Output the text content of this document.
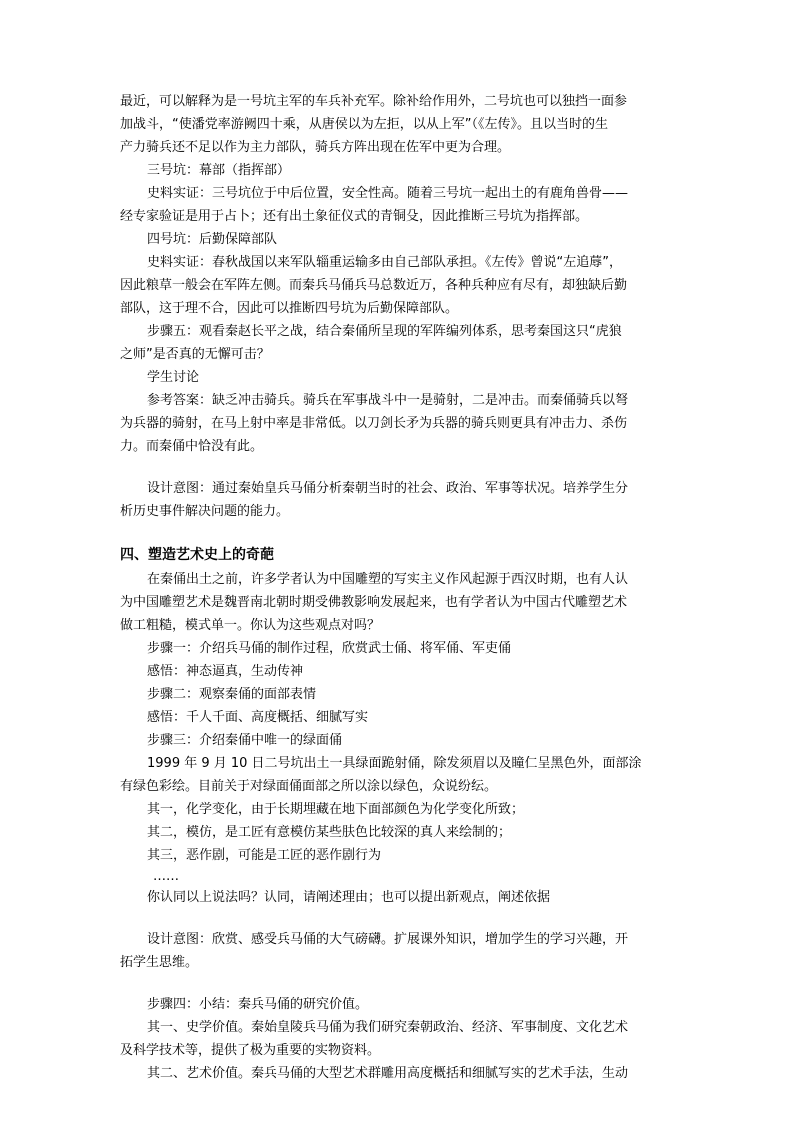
最近，可以解释为是一号坑主军的车兵补充军。除补给作用外，二号坑也可以独挡一面参
加战斗，“使潘党率游阙四十乘，从唐侯以为左拒，以从上军”（《左传》。且以当时的生
产力骑兵还不足以作为主力部队，骑兵方阵出现在佐军中更为合理。
三号坑：幕部（指挥部）
史料实证：三号坑位于中后位置，安全性高。随着三号坑一起出土的有鹿角兽骨——
经专家验证是用于占卜；还有出土象征仪式的青铜殳，因此推断三号坑为指挥部。
四号坑：后勤保障部队
史料实证：春秋战国以来军队辎重运输多由自己部队承担。《左传》曾说“左追蓐”，
因此粮草一般会在军阵左侧。而秦兵马俑兵马总数近万，各种兵种应有尽有，却独缺后勤
部队，这于理不合，因此可以推断四号坑为后勤保障部队。
步骤五：观看秦赵长平之战，结合秦俑所呈现的军阵编列体系，思考秦国这只“虎狼
之师”是否真的无懈可击？
学生讨论
参考答案：缺乏冲击骑兵。骑兵在军事战斗中一是骑射，二是冲击。而秦俑骑兵以弩
为兵器的骑射，在马上射中率是非常低。以刀剑长矛为兵器的骑兵则更具有冲击力、杀伤
力。而秦俑中恰没有此。
设计意图：通过秦始皇兵马俑分析秦朝当时的社会、政治、军事等状况。培养学生分
析历史事件解决问题的能力。
四、塑造艺术史上的奇葩
在秦俑出土之前，许多学者认为中国雕塑的写实主义作风起源于西汉时期，也有人认
为中国雕塑艺术是魏晋南北朝时期受佛教影响发展起来，也有学者认为中国古代雕塑艺术
做工粗糙，模式单一。你认为这些观点对吗？
步骤一：介绍兵马俑的制作过程，欣赏武士俑、将军俑、军吏俑
感悟：神态逼真，生动传神
步骤二：观察秦俑的面部表情
感悟：千人千面、高度概括、细腻写实
步骤三：介绍秦俑中唯一的绿面俑
1999 年 9 月 10 日二号坑出土一具绿面跪射俑，除发须眉以及瞳仁呈黑色外，面部涂
有绿色彩绘。目前关于对绿面俑面部之所以涂以绿色，众说纷纭。
其一，化学变化，由于长期埋藏在地下面部颜色为化学变化所致；
其二，模仿，是工匠有意模仿某些肤色比较深的真人来绘制的；
其三，恶作剧，可能是工匠的恶作剧行为
……
你认同以上说法吗？认同，请阐述理由；也可以提出新观点，阐述依据
设计意图：欣赏、感受兵马俑的大气磅礴。扩展课外知识，增加学生的学习兴趣，开
拓学生思维。
步骤四：小结：秦兵马俑的研究价值。
其一、史学价值。秦始皇陵兵马俑为我们研究秦朝政治、经济、军事制度、文化艺术
及科学技术等，提供了极为重要的实物资料。
其二、艺术价值。秦兵马俑的大型艺术群雕用高度概括和细腻写实的艺术手法，生动
